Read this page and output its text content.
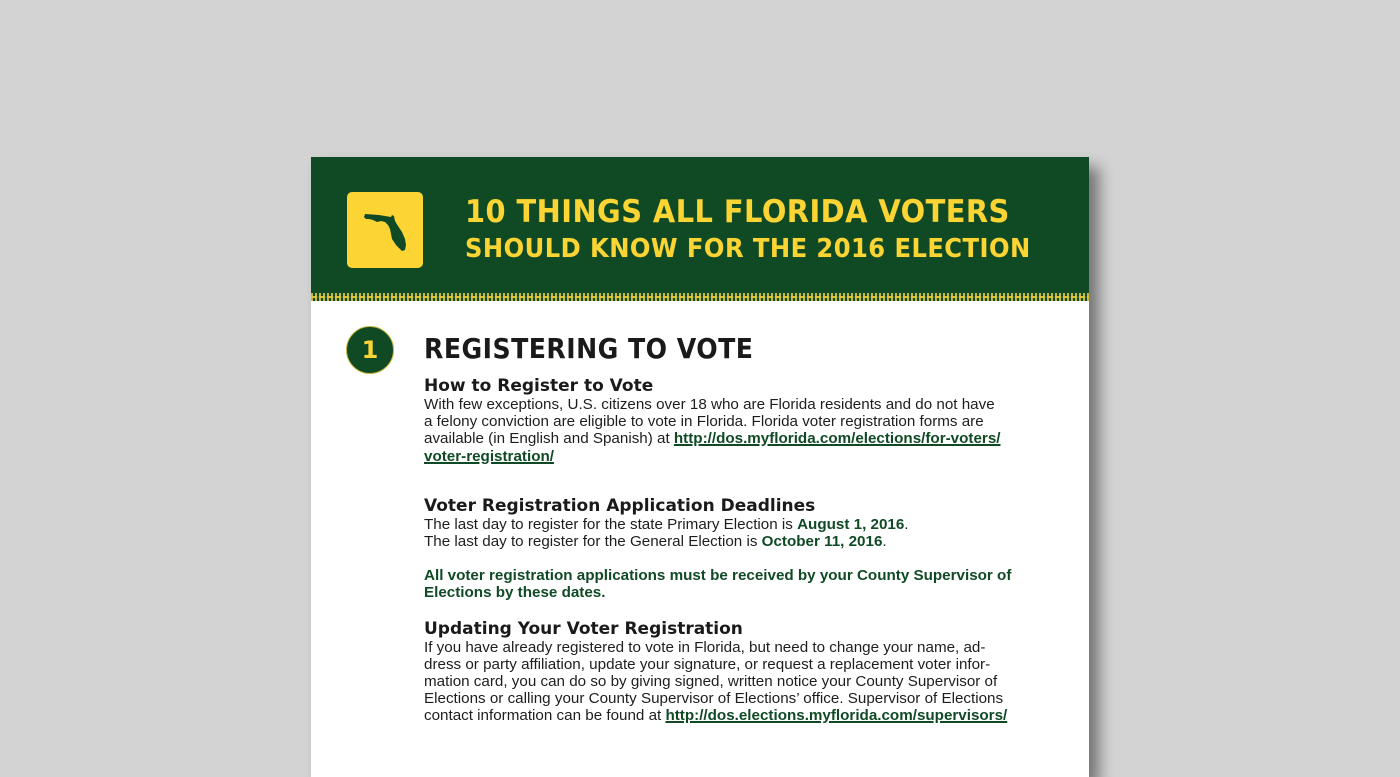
10 THINGS ALL FLORIDA VOTERS
SHOULD KNOW FOR THE 2016 ELECTION
1	REGISTERING TO VOTE
How to Register to Vote
With few exceptions, U.S. citizens over 18 who are Florida residents and do not have
a felony conviction are eligible to vote in Florida. Florida voter registration forms are
available (in English and Spanish) at http://dos.myflorida.com/elections/for-voters/
voter-registration/
Voter Registration Application Deadlines
The last day to register for the state Primary Election is August 1, 2016.
The last day to register for the General Election is October 11, 2016.
All voter registration applications must be received by your County Supervisor of
Elections by these dates.
Updating Your Voter Registration
If you have already registered to vote in Florida, but need to change your name, ad-
dress or party affiliation, update your signature, or request a replacement voter infor-
mation card, you can do so by giving signed, written notice your County Supervisor of
Elections or calling your County Supervisor of Elections’ office. Supervisor of Elections
contact information can be found at http://dos.elections.myflorida.com/supervisors/
